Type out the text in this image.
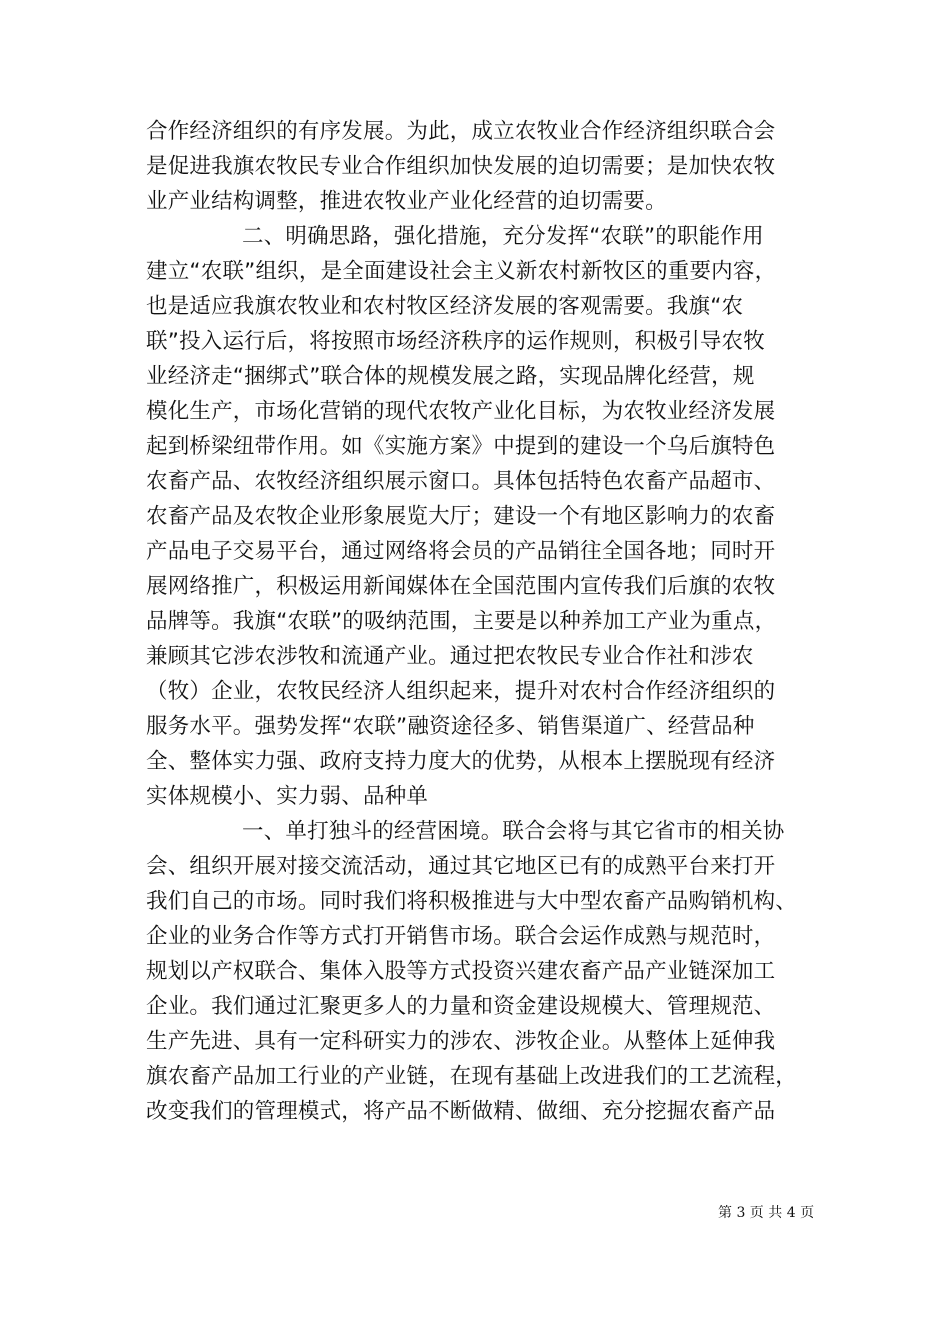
合作经济组织的有序发展。为此，成立农牧业合作经济组织联合会
是促进我旗农牧民专业合作组织加快发展的迫切需要；是加快农牧
业产业结构调整，推进农牧业产业化经营的迫切需要。
二、明确思路，强化措施，充分发挥“农联”的职能作用
建立“农联”组织，是全面建设社会主义新农村新牧区的重要内容，
也是适应我旗农牧业和农村牧区经济发展的客观需要。我旗“农
联”投入运行后，将按照市场经济秩序的运作规则，积极引导农牧
业经济走“捆绑式”联合体的规模发展之路，实现品牌化经营，规
模化生产，市场化营销的现代农牧产业化目标，为农牧业经济发展
起到桥梁纽带作用。如《实施方案》中提到的建设一个乌后旗特色
农畜产品、农牧经济组织展示窗口。具体包括特色农畜产品超市、
农畜产品及农牧企业形象展览大厅；建设一个有地区影响力的农畜
产品电子交易平台，通过网络将会员的产品销往全国各地；同时开
展网络推广，积极运用新闻媒体在全国范围内宣传我们后旗的农牧
品牌等。我旗“农联”的吸纳范围，主要是以种养加工产业为重点，
兼顾其它涉农涉牧和流通产业。通过把农牧民专业合作社和涉农
（牧）企业，农牧民经济人组织起来，提升对农村合作经济组织的
服务水平。强势发挥“农联”融资途径多、销售渠道广、经营品种
全、整体实力强、政府支持力度大的优势，从根本上摆脱现有经济
实体规模小、实力弱、品种单
一、单打独斗的经营困境。联合会将与其它省市的相关协
会、组织开展对接交流活动，通过其它地区已有的成熟平台来打开
我们自己的市场。同时我们将积极推进与大中型农畜产品购销机构、
企业的业务合作等方式打开销售市场。联合会运作成熟与规范时，
规划以产权联合、集体入股等方式投资兴建农畜产品产业链深加工
企业。我们通过汇聚更多人的力量和资金建设规模大、管理规范、
生产先进、具有一定科研实力的涉农、涉牧企业。从整体上延伸我
旗农畜产品加工行业的产业链，在现有基础上改进我们的工艺流程，
改变我们的管理模式，将产品不断做精、做细、充分挖掘农畜产品
第 3 页 共 4 页
